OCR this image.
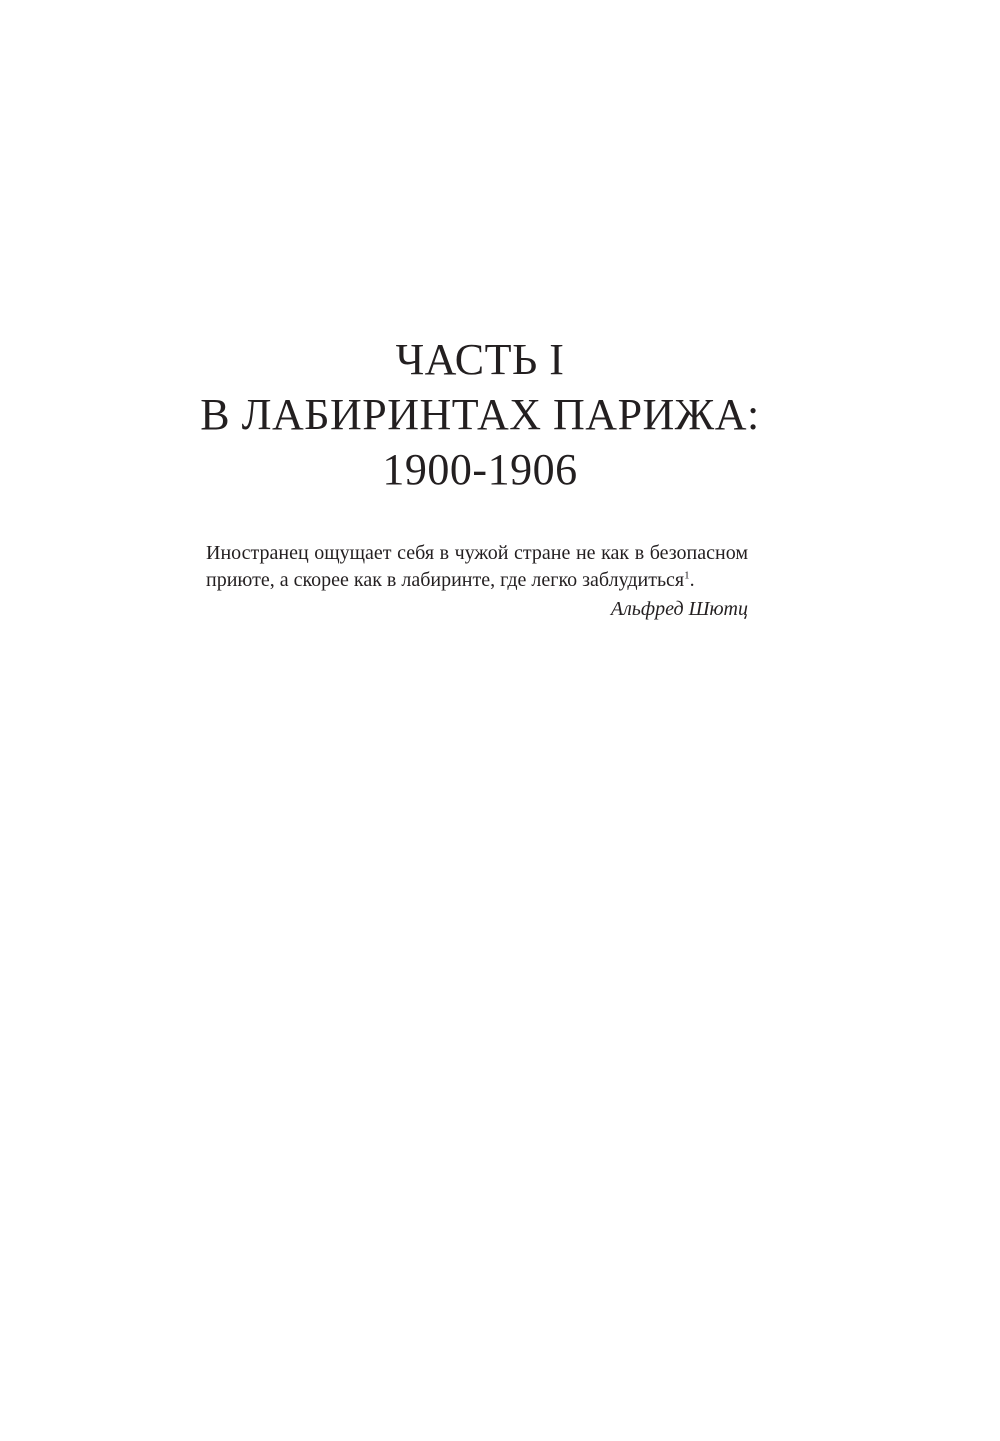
ЧАСТЬ I
В ЛАБИРИНТАХ ПАРИЖА:
1900-1906

Иностранец ощущает себя в чужой стране не как в безопасном приюте, а скорее как в лабиринте, где легко заблудиться$^1$.

Альфред Шютц
